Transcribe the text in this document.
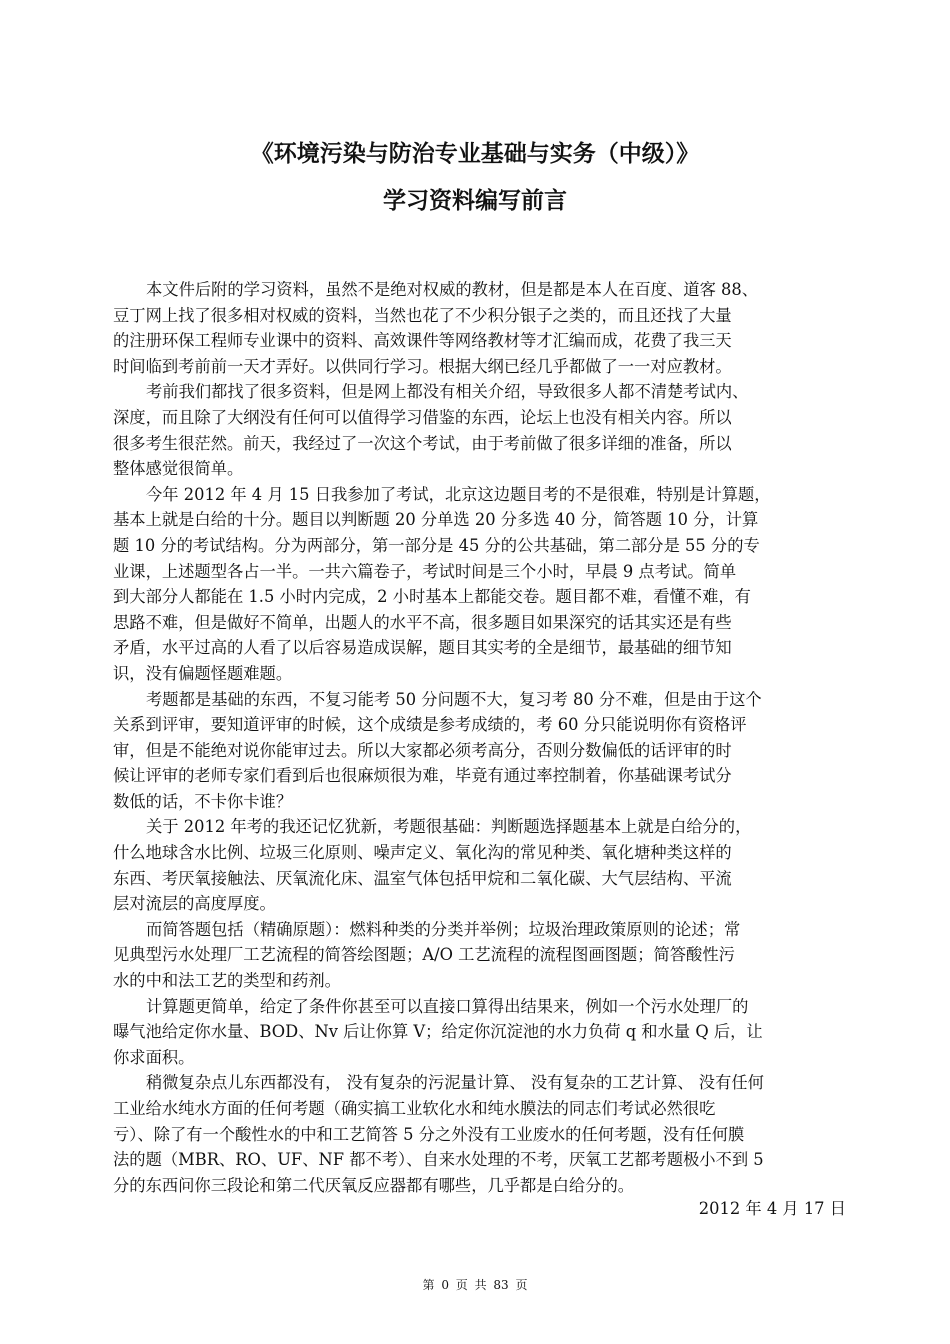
《环境污染与防治专业基础与实务（中级）》
学习资料编写前言

本文件后附的学习资料，虽然不是绝对权威的教材，但是都是本人在百度、道客 88、
豆丁网上找了很多相对权威的资料，当然也花了不少积分银子之类的，而且还找了大量
的注册环保工程师专业课中的资料、高效课件等网络教材等才汇编而成，花费了我三天
时间临到考前前一天才弄好。以供同行学习。根据大纲已经几乎都做了一一对应教材。

考前我们都找了很多资料，但是网上都没有相关介绍，导致很多人都不清楚考试内、
深度，而且除了大纲没有任何可以值得学习借鉴的东西，论坛上也没有相关内容。所以
很多考生很茫然。前天，我经过了一次这个考试，由于考前做了很多详细的准备，所以
整体感觉很简单。

今年 2012 年 4 月 15 日我参加了考试，北京这边题目考的不是很难，特别是计算题，
基本上就是白给的十分。题目以判断题 20 分单选 20 分多选 40 分，简答题 10 分，计算
题 10 分的考试结构。分为两部分，第一部分是 45 分的公共基础，第二部分是 55 分的专
业课，上述题型各占一半。一共六篇卷子，考试时间是三个小时，早晨 9 点考试。简单
到大部分人都能在 1.5 小时内完成，2 小时基本上都能交卷。题目都不难，看懂不难，有
思路不难，但是做好不简单，出题人的水平不高，很多题目如果深究的话其实还是有些
矛盾，水平过高的人看了以后容易造成误解，题目其实考的全是细节，最基础的细节知
识，没有偏题怪题难题。

考题都是基础的东西，不复习能考 50 分问题不大，复习考 80 分不难，但是由于这个
关系到评审，要知道评审的时候，这个成绩是参考成绩的，考 60 分只能说明你有资格评
审，但是不能绝对说你能审过去。所以大家都必须考高分，否则分数偏低的话评审的时
候让评审的老师专家们看到后也很麻烦很为难，毕竟有通过率控制着，你基础课考试分
数低的话，不卡你卡谁？

关于 2012 年考的我还记忆犹新，考题很基础：判断题选择题基本上就是白给分的，
什么地球含水比例、垃圾三化原则、噪声定义、氧化沟的常见种类、氧化塘种类这样的
东西、考厌氧接触法、厌氧流化床、温室气体包括甲烷和二氧化碳、大气层结构、平流
层对流层的高度厚度。

而简答题包括（精确原题）：燃料种类的分类并举例；垃圾治理政策原则的论述；常
见典型污水处理厂工艺流程的简答绘图题；A/O 工艺流程的流程图画图题；简答酸性污
水的中和法工艺的类型和药剂。

计算题更简单，给定了条件你甚至可以直接口算得出结果来，例如一个污水处理厂的
曝气池给定你水量、BOD、Nv 后让你算 V；给定你沉淀池的水力负荷 q 和水量 Q 后，让
你求面积。

稍微复杂点儿东西都没有， 没有复杂的污泥量计算、 没有复杂的工艺计算、 没有任何
工业给水纯水方面的任何考题（确实搞工业软化水和纯水膜法的同志们考试必然很吃
亏）、除了有一个酸性水的中和工艺简答 5 分之外没有工业废水的任何考题，没有任何膜
法的题（MBR、RO、UF、NF 都不考）、自来水处理的不考，厌氧工艺都考题极小不到 5
分的东西问你三段论和第二代厌氧反应器都有哪些，几乎都是白给分的。

2012 年 4 月 17 日

第 0 页 共 83 页
